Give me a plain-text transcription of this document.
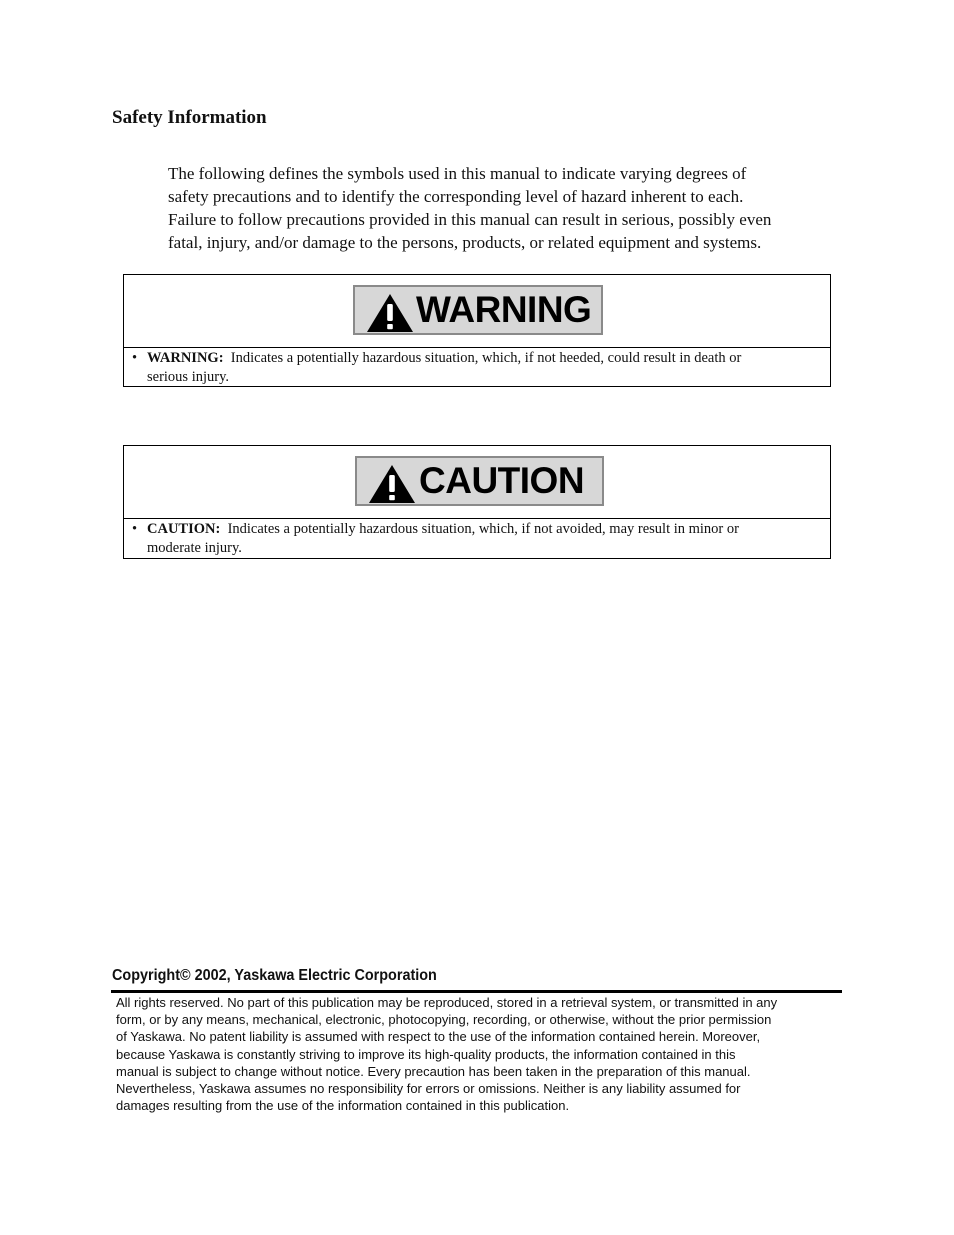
Safety Information

The following defines the symbols used in this manual to indicate varying degrees of
safety precautions and to identify the corresponding level of hazard inherent to each.
Failure to follow precautions provided in this manual can result in serious, possibly even
fatal, injury, and/or damage to the persons, products, or related equipment and systems.

WARNING
• WARNING: Indicates a potentially hazardous situation, which, if not heeded, could result in death or
serious injury.
CAUTION
• CAUTION: Indicates a potentially hazardous situation, which, if not avoided, may result in minor or
moderate injury.
Copyright© 2002, Yaskawa Electric Corporation

All rights reserved. No part of this publication may be reproduced, stored in a retrieval system, or transmitted in any
form, or by any means, mechanical, electronic, photocopying, recording, or otherwise, without the prior permission
of Yaskawa. No patent liability is assumed with respect to the use of the information contained herein. Moreover,
because Yaskawa is constantly striving to improve its high-quality products, the information contained in this
manual is subject to change without notice. Every precaution has been taken in the preparation of this manual.
Nevertheless, Yaskawa assumes no responsibility for errors or omissions. Neither is any liability assumed for
damages resulting from the use of the information contained in this publication.
